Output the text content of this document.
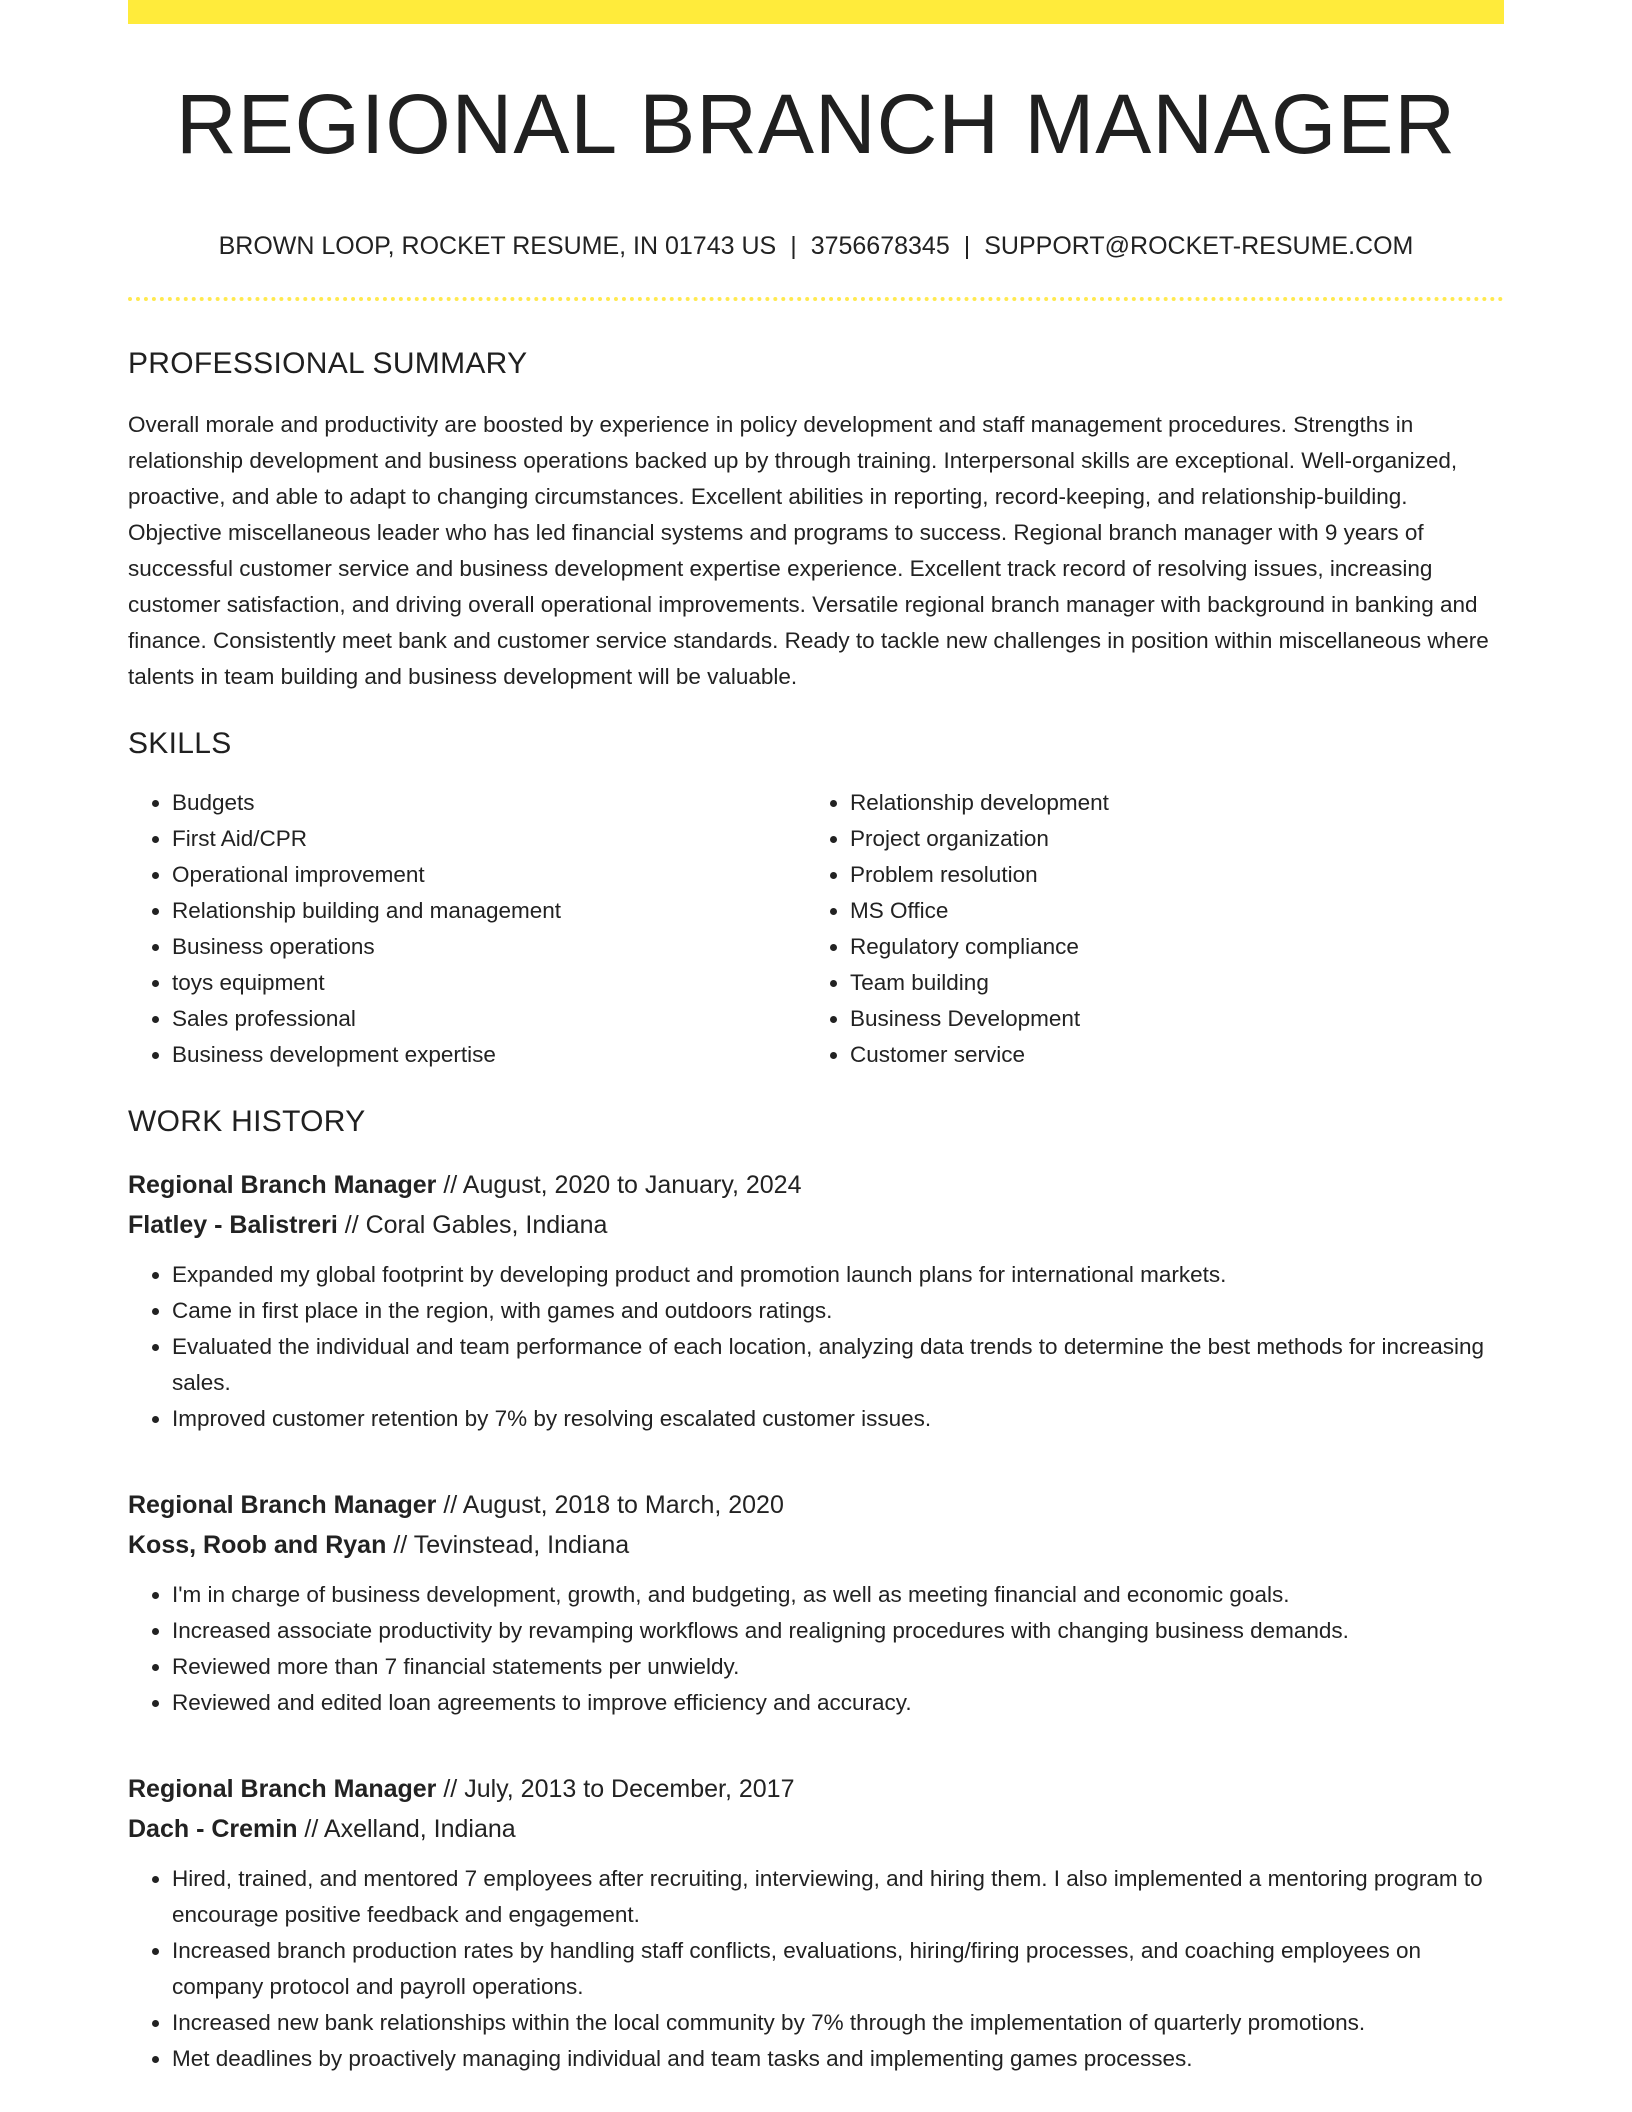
REGIONAL BRANCH MANAGER
BROWN LOOP, ROCKET RESUME, IN 01743 US | 3756678345 | SUPPORT@ROCKET-RESUME.COM
PROFESSIONAL SUMMARY

Overall morale and productivity are boosted by experience in policy development and staff management procedures. Strengths in relationship development and business operations backed up by through training. Interpersonal skills are exceptional. Well-organized, proactive, and able to adapt to changing circumstances. Excellent abilities in reporting, record-keeping, and relationship-building. Objective miscellaneous leader who has led financial systems and programs to success. Regional branch manager with 9 years of successful customer service and business development expertise experience. Excellent track record of resolving issues, increasing customer satisfaction, and driving overall operational improvements. Versatile regional branch manager with background in banking and finance. Consistently meet bank and customer service standards. Ready to tackle new challenges in position within miscellaneous where talents in team building and business development will be valuable.

SKILLS
• Budgets
• First Aid/CPR
• Operational improvement
• Relationship building and management
• Business operations
• toys equipment
• Sales professional
• Business development expertise
• Relationship development
• Project organization
• Problem resolution
• MS Office
• Regulatory compliance
• Team building
• Business Development
• Customer service
WORK HISTORY
Regional Branch Manager // August, 2020 to January, 2024
Flatley - Balistreri // Coral Gables, Indiana
• Expanded my global footprint by developing product and promotion launch plans for international markets.
• Came in first place in the region, with games and outdoors ratings.
• Evaluated the individual and team performance of each location, analyzing data trends to determine the best methods for increasing sales.
• Improved customer retention by 7% by resolving escalated customer issues.
Regional Branch Manager // August, 2018 to March, 2020
Koss, Roob and Ryan // Tevinstead, Indiana
• I'm in charge of business development, growth, and budgeting, as well as meeting financial and economic goals.
• Increased associate productivity by revamping workflows and realigning procedures with changing business demands.
• Reviewed more than 7 financial statements per unwieldy.
• Reviewed and edited loan agreements to improve efficiency and accuracy.
Regional Branch Manager // July, 2013 to December, 2017
Dach - Cremin // Axelland, Indiana
• Hired, trained, and mentored 7 employees after recruiting, interviewing, and hiring them. I also implemented a mentoring program to encourage positive feedback and engagement.
• Increased branch production rates by handling staff conflicts, evaluations, hiring/firing processes, and coaching employees on company protocol and payroll operations.
• Increased new bank relationships within the local community by 7% through the implementation of quarterly promotions.
• Met deadlines by proactively managing individual and team tasks and implementing games processes.
